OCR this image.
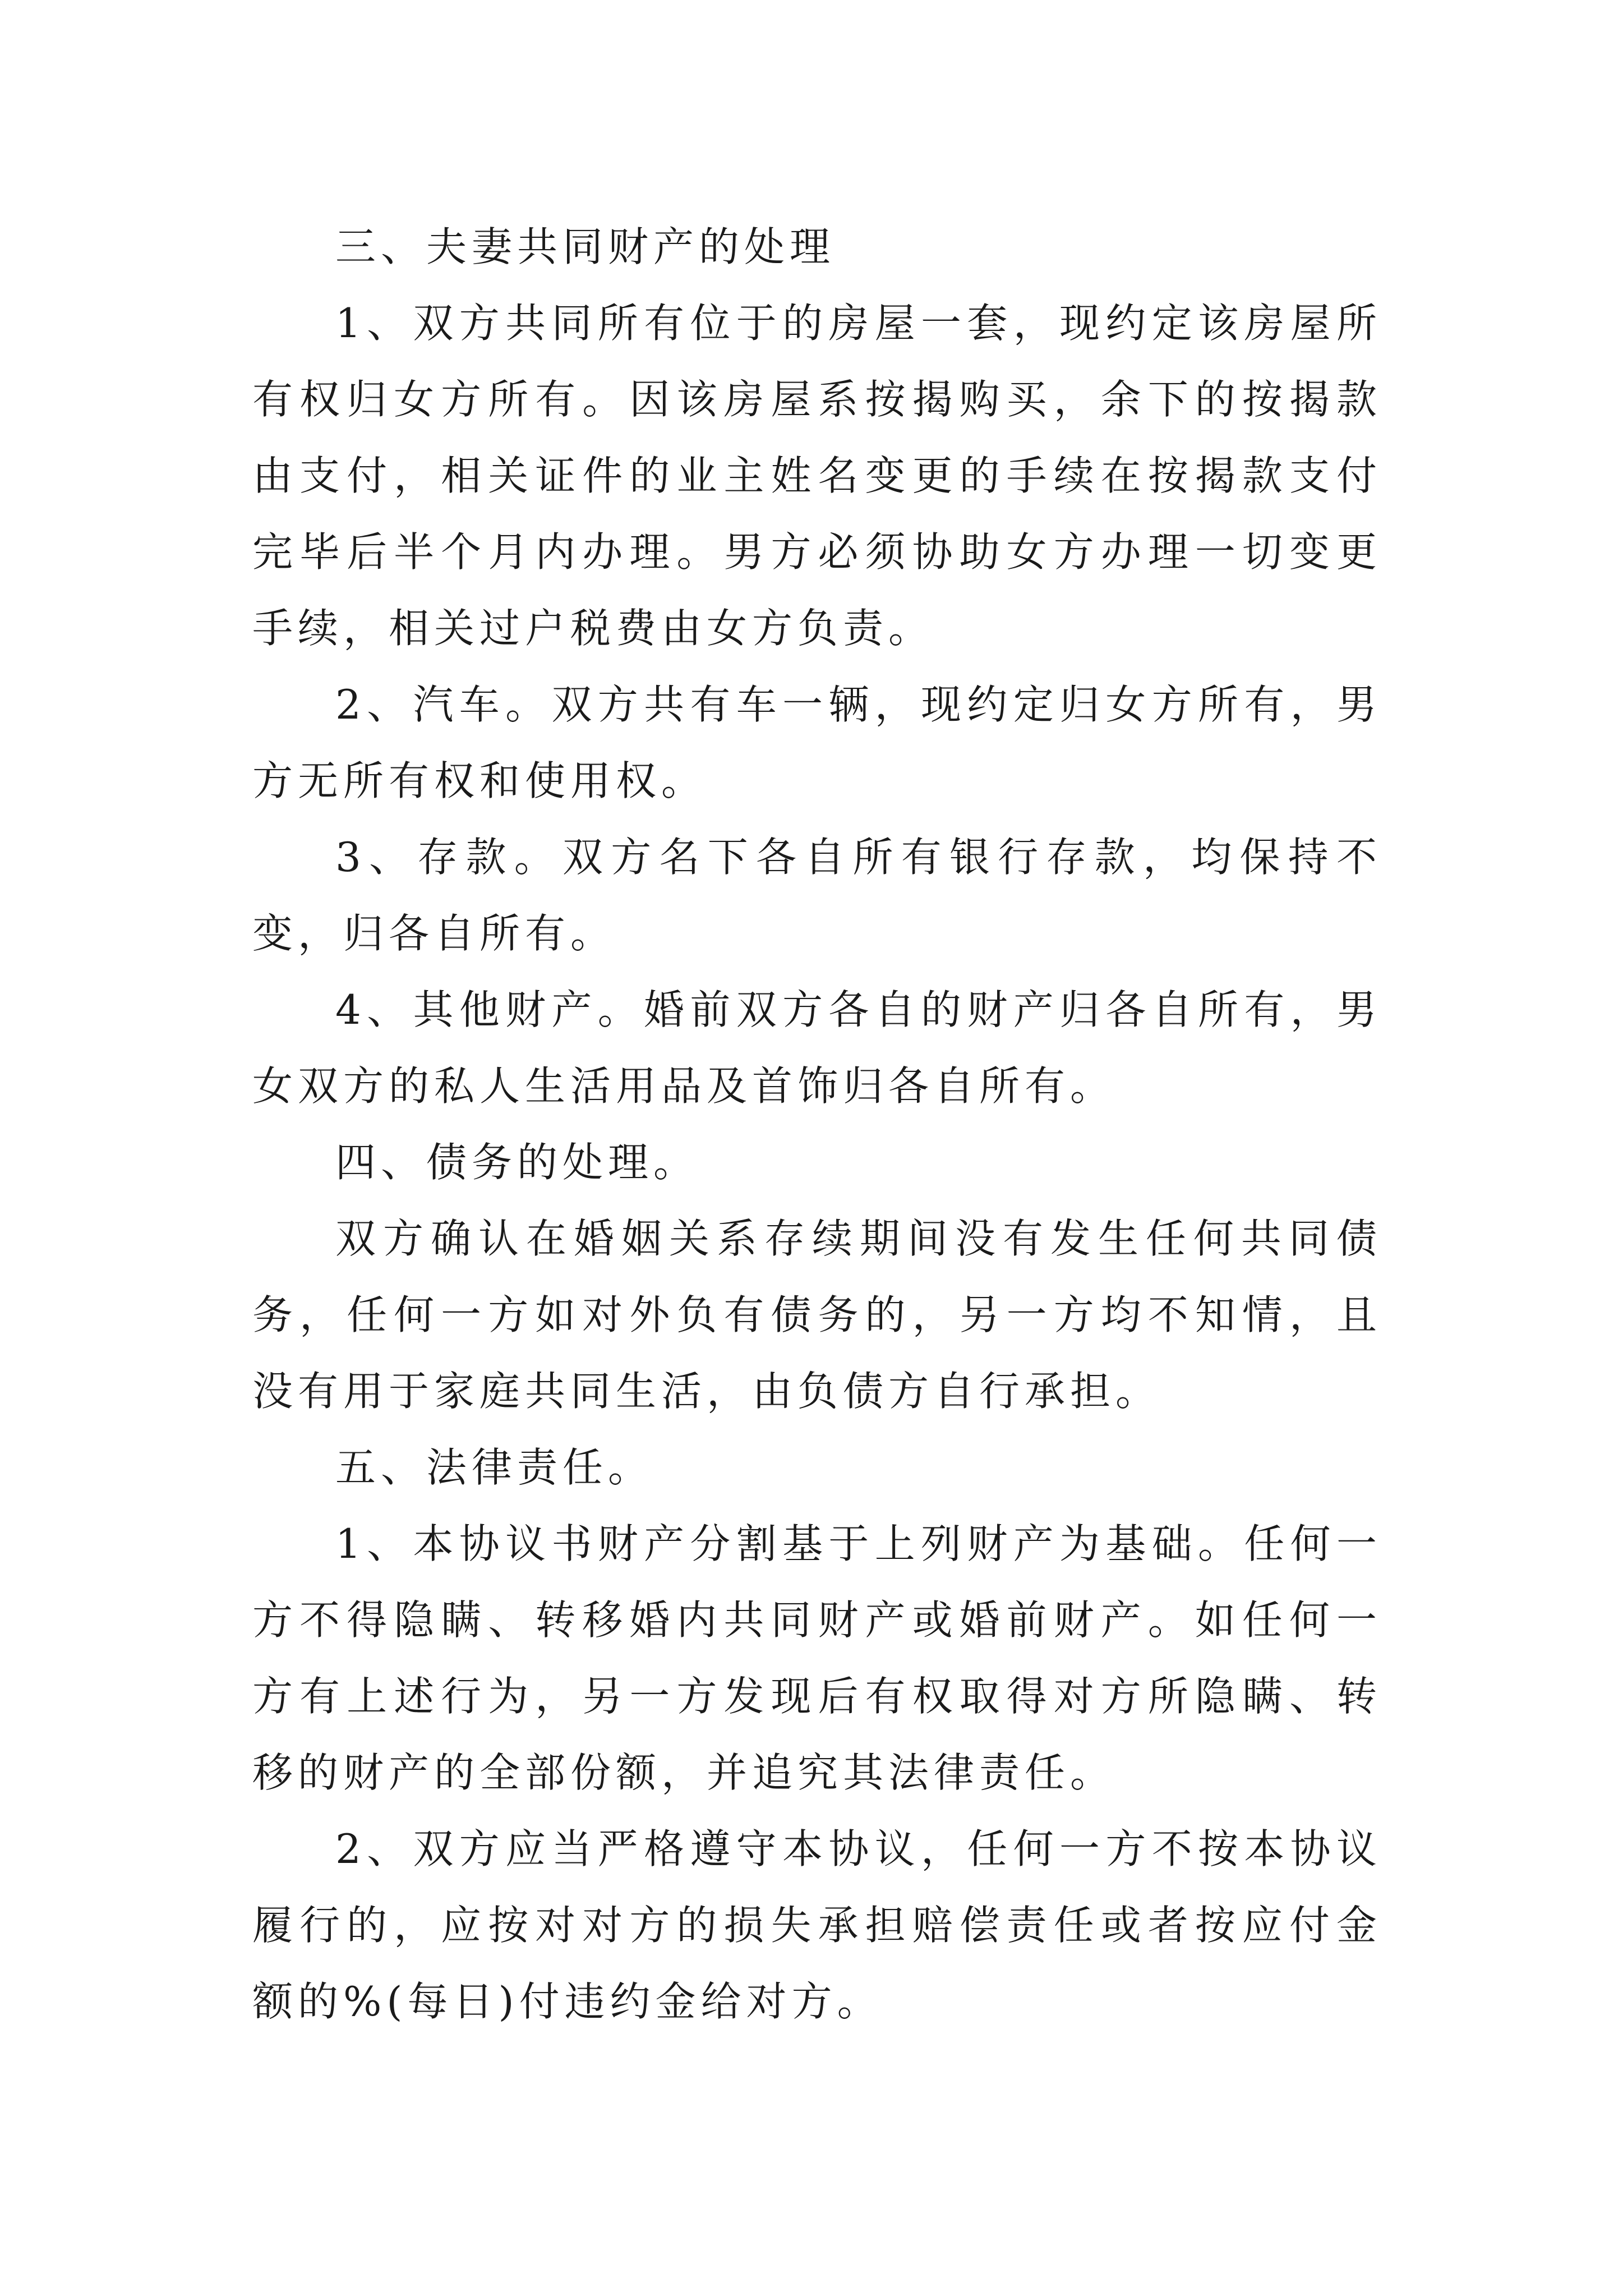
三、夫妻共同财产的处理

1、双方共同所有位于的房屋一套，现约定该房屋所有权归女方所有。因该房屋系按揭购买，余下的按揭款由支付，相关证件的业主姓名变更的手续在按揭款支付完毕后半个月内办理。男方必须协助女方办理一切变更手续，相关过户税费由女方负责。

2、汽车。双方共有车一辆，现约定归女方所有，男方无所有权和使用权。

3、存款。双方名下各自所有银行存款，均保持不变，归各自所有。

4、其他财产。婚前双方各自的财产归各自所有，男女双方的私人生活用品及首饰归各自所有。

四、债务的处理。

双方确认在婚姻关系存续期间没有发生任何共同债务，任何一方如对外负有债务的，另一方均不知情，且没有用于家庭共同生活，由负债方自行承担。

五、法律责任。

1、本协议书财产分割基于上列财产为基础。任何一方不得隐瞒、转移婚内共同财产或婚前财产。如任何一方有上述行为，另一方发现后有权取得对方所隐瞒、转移的财产的全部份额，并追究其法律责任。

2、双方应当严格遵守本协议，任何一方不按本协议履行的，应按对对方的损失承担赔偿责任或者按应付金额的%(每日)付违约金给对方。
